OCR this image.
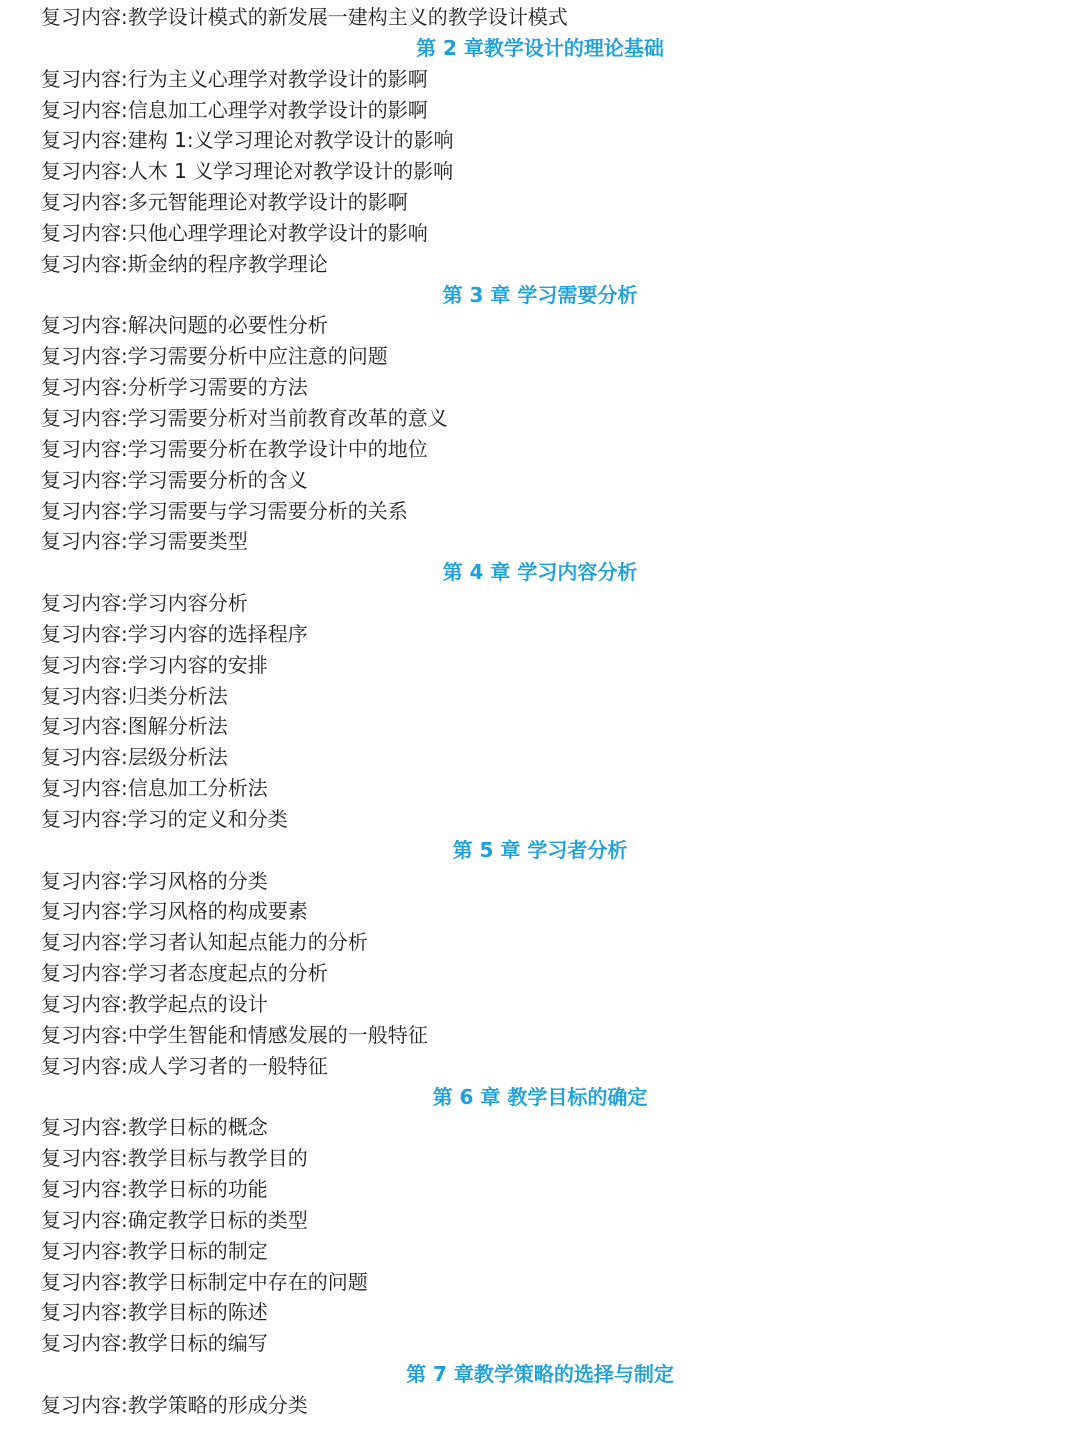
复习内容:教学设计模式的新发展一建构主义的教学设计模式
第 2 章教学设计的理论基础
复习内容:行为主义心理学对教学设计的影啊
复习内容:信息加工心理学对教学设计的影啊
复习内容:建构 1:义学习理论对教学设计的影响
复习内容:人木 1 义学习理论对教学设计的影响
复习内容:多元智能理论对教学设计的影啊
复习内容:只他心理学理论对教学设计的影响
复习内容:斯金纳的程序教学理论
第 3 章 学习需要分析
复习内容:解决问题的必要性分析
复习内容:学习需要分析中应注意的问题
复习内容:分析学习需要的方法
复习内容:学习需要分析对当前教育改革的意义
复习内容:学习需要分析在教学设计中的地位
复习内容:学习需要分析的含义
复习内容:学习需要与学习需要分析的关系
复习内容:学习需要类型
第 4 章 学习内容分析
复习内容:学习内容分析
复习内容:学习内容的选择程序
复习内容:学习内容的安排
复习内容:归类分析法
复习内容:图解分析法
复习内容:层级分析法
复习内容:信息加工分析法
复习内容:学习的定义和分类
第 5 章 学习者分析
复习内容:学习风格的分类
复习内容:学习风格的构成要素
复习内容:学习者认知起点能力的分析
复习内容:学习者态度起点的分析
复习内容:教学起点的设计
复习内容:中学生智能和情感发展的一般特征
复习内容:成人学习者的一般特征
第 6 章 教学目标的确定
复习内容:教学日标的概念
复习内容:教学目标与教学目的
复习内容:教学日标的功能
复习内容:确定教学日标的类型
复习内容:教学日标的制定
复习内容:教学日标制定中存在的问题
复习内容:教学目标的陈述
复习内容:教学日标的编写
第 7 章教学策略的选择与制定
复习内容:教学策略的形成分类
